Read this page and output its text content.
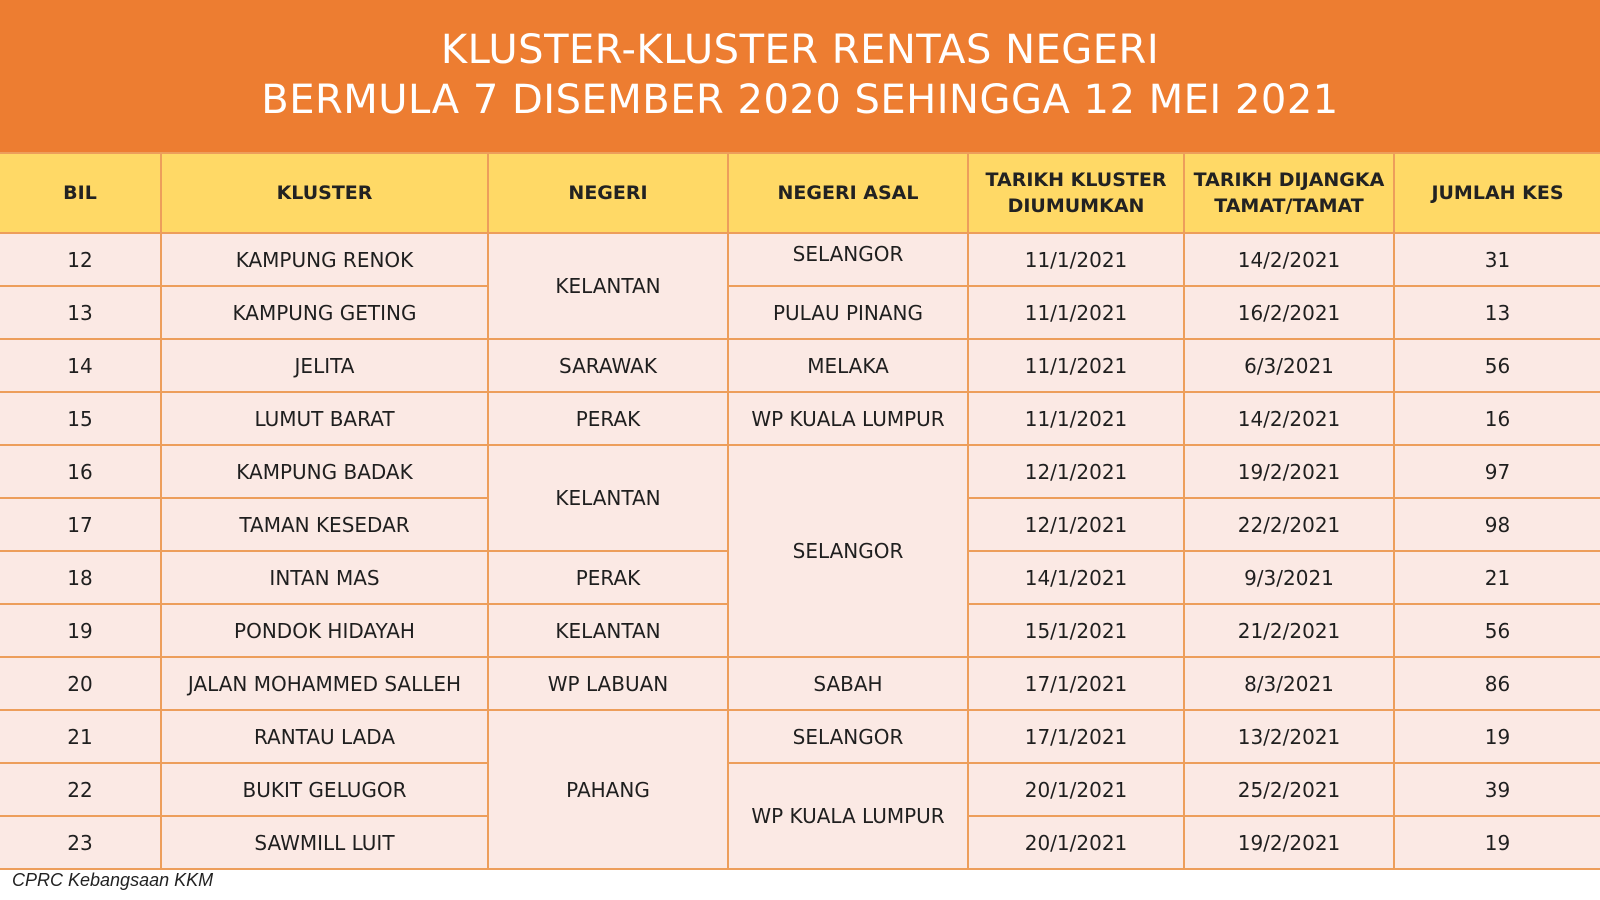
KLUSTER-KLUSTER RENTAS NEGERI
BERMULA 7 DISEMBER 2020 SEHINGGA 12 MEI 2021
BIL	KLUSTER	NEGERI	NEGERI ASAL	TARIKH KLUSTER DIUMUMKAN	TARIKH DIJANGKA TAMAT/TAMAT	JUMLAH KES
12	KAMPUNG RENOK	KELANTAN	SELANGOR	11/1/2021	14/2/2021	31
13	KAMPUNG GETING		PULAU PINANG	11/1/2021	16/2/2021	13
14	JELITA	SARAWAK	MELAKA	11/1/2021	6/3/2021	56
15	LUMUT BARAT	PERAK	WP KUALA LUMPUR	11/1/2021	14/2/2021	16
16	KAMPUNG BADAK	KELANTAN	SELANGOR	12/1/2021	19/2/2021	97
17	TAMAN KESEDAR			12/1/2021	22/2/2021	98
18	INTAN MAS	PERAK		14/1/2021	9/3/2021	21
19	PONDOK HIDAYAH	KELANTAN		15/1/2021	21/2/2021	56
20	JALAN MOHAMMED SALLEH	WP LABUAN	SABAH	17/1/2021	8/3/2021	86
21	RANTAU LADA	PAHANG	SELANGOR	17/1/2021	13/2/2021	19
22	BUKIT GELUGOR		WP KUALA LUMPUR	20/1/2021	25/2/2021	39
23	SAWMILL LUIT			20/1/2021	19/2/2021	19
CPRC Kebangsaan KKM
